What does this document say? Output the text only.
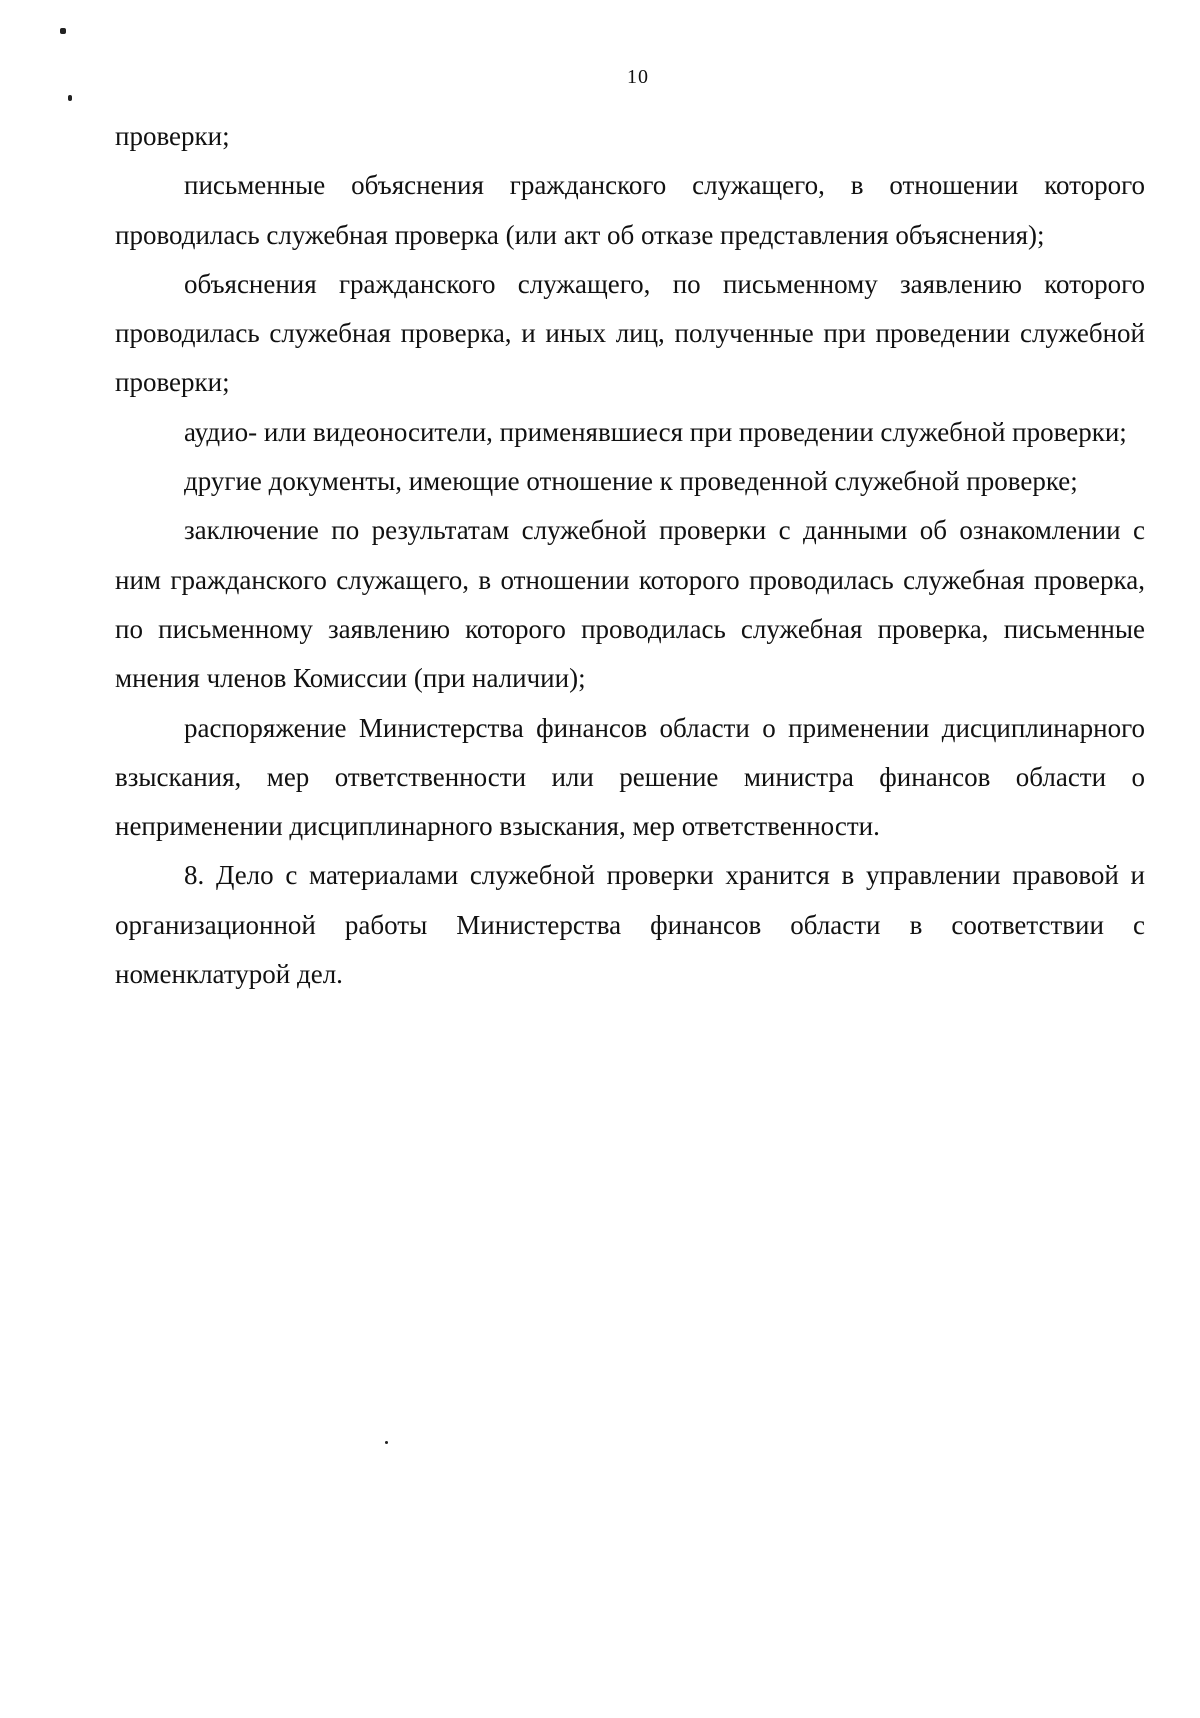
10

проверки;

письменные объяснения гражданского служащего, в отношении которого проводилась служебная проверка (или акт об отказе представления объяснения);

объяснения гражданского служащего, по письменному заявлению которого проводилась служебная проверка, и иных лиц, полученные при проведении служебной проверки;

аудио- или видеоносители, применявшиеся при проведении служебной проверки;

другие документы, имеющие отношение к проведенной служебной проверке;

заключение по результатам служебной проверки с данными об ознакомлении с ним гражданского служащего, в отношении которого проводилась служебная проверка, по письменному заявлению которого проводилась служебная проверка, письменные мнения членов Комиссии (при наличии);

распоряжение Министерства финансов области о применении дисциплинарного взыскания, мер ответственности или решение министра финансов области о неприменении дисциплинарного взыскания, мер ответственности.

8. Дело с материалами служебной проверки хранится в управлении правовой и организационной работы Министерства финансов области в соответствии с номенклатурой дел.
